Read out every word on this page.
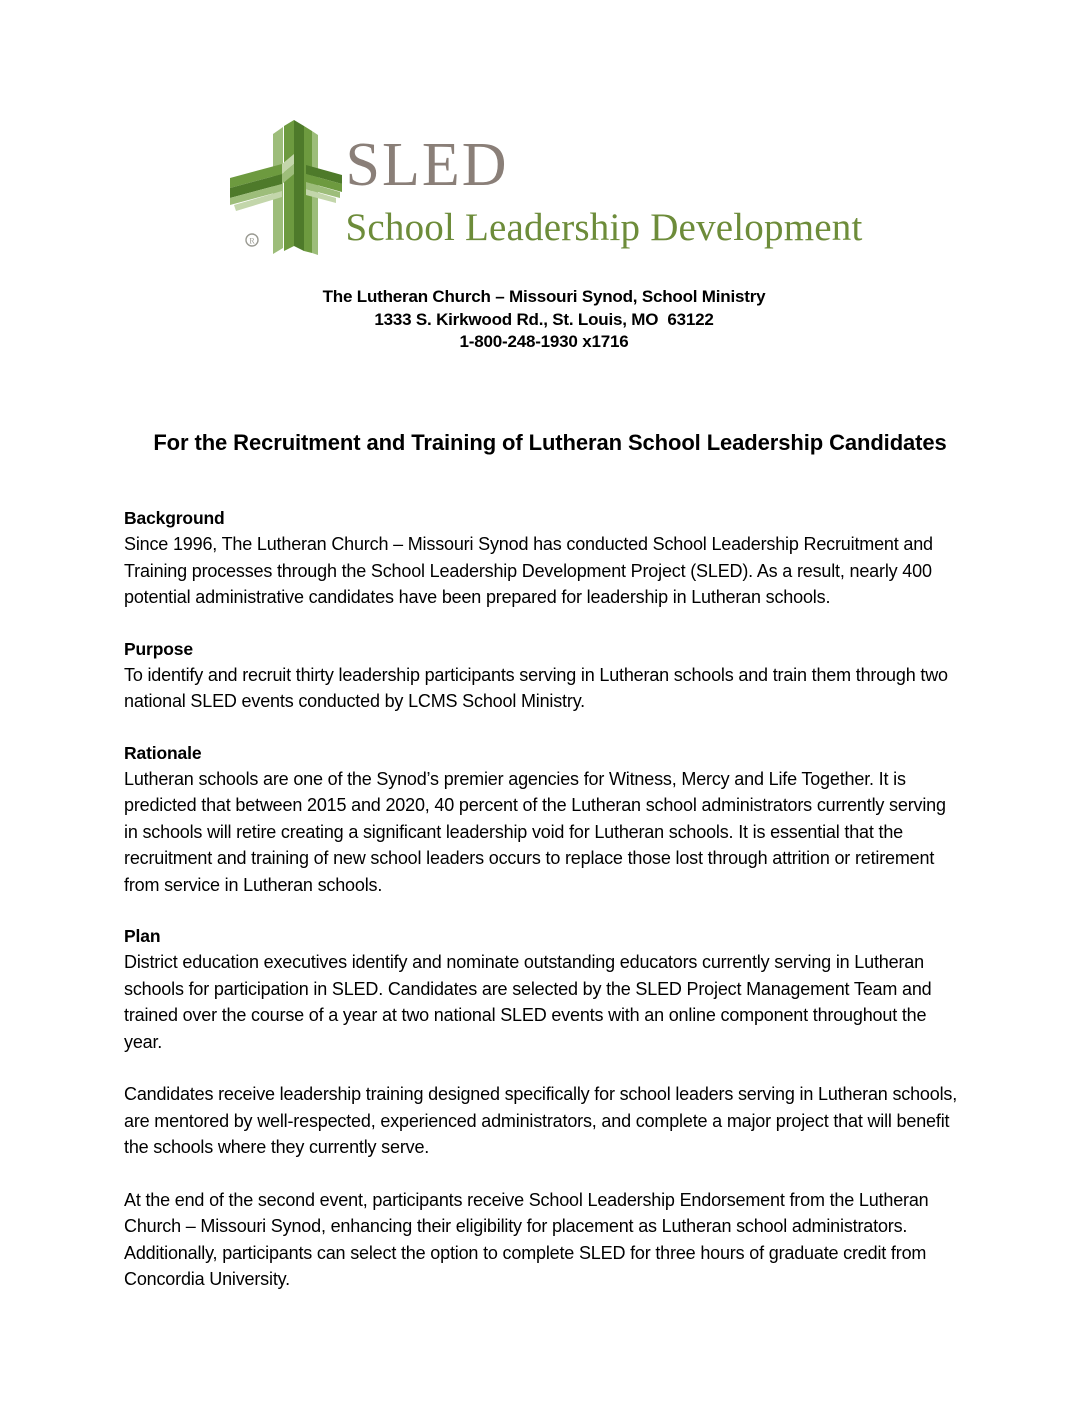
R
SLED
School Leadership Development
The Lutheran Church – Missouri Synod, School Ministry
1333 S. Kirkwood Rd., St. Louis, MO  63122
1-800-248-1930 x1716
For the Recruitment and Training of Lutheran School Leadership Candidates

Background

Since 1996, The Lutheran Church – Missouri Synod has conducted School Leadership Recruitment and Training processes through the School Leadership Development Project (SLED). As a result, nearly 400 potential administrative candidates have been prepared for leadership in Lutheran schools.

Purpose

To identify and recruit thirty leadership participants serving in Lutheran schools and train them through two national SLED events conducted by LCMS School Ministry.

Rationale

Lutheran schools are one of the Synod’s premier agencies for Witness, Mercy and Life Together. It is predicted that between 2015 and 2020, 40 percent of the Lutheran school administrators currently serving in schools will retire creating a significant leadership void for Lutheran schools. It is essential that the recruitment and training of new school leaders occurs to replace those lost through attrition or retirement from service in Lutheran schools.

Plan

District education executives identify and nominate outstanding educators currently serving in Lutheran schools for participation in SLED. Candidates are selected by the SLED Project Management Team and trained over the course of a year at two national SLED events with an online component throughout the year.

Candidates receive leadership training designed specifically for school leaders serving in Lutheran schools, are mentored by well-respected, experienced administrators, and complete a major project that will benefit the schools where they currently serve.

At the end of the second event, participants receive School Leadership Endorsement from the Lutheran Church – Missouri Synod, enhancing their eligibility for placement as Lutheran school administrators. Additionally, participants can select the option to complete SLED for three hours of graduate credit from Concordia University.
